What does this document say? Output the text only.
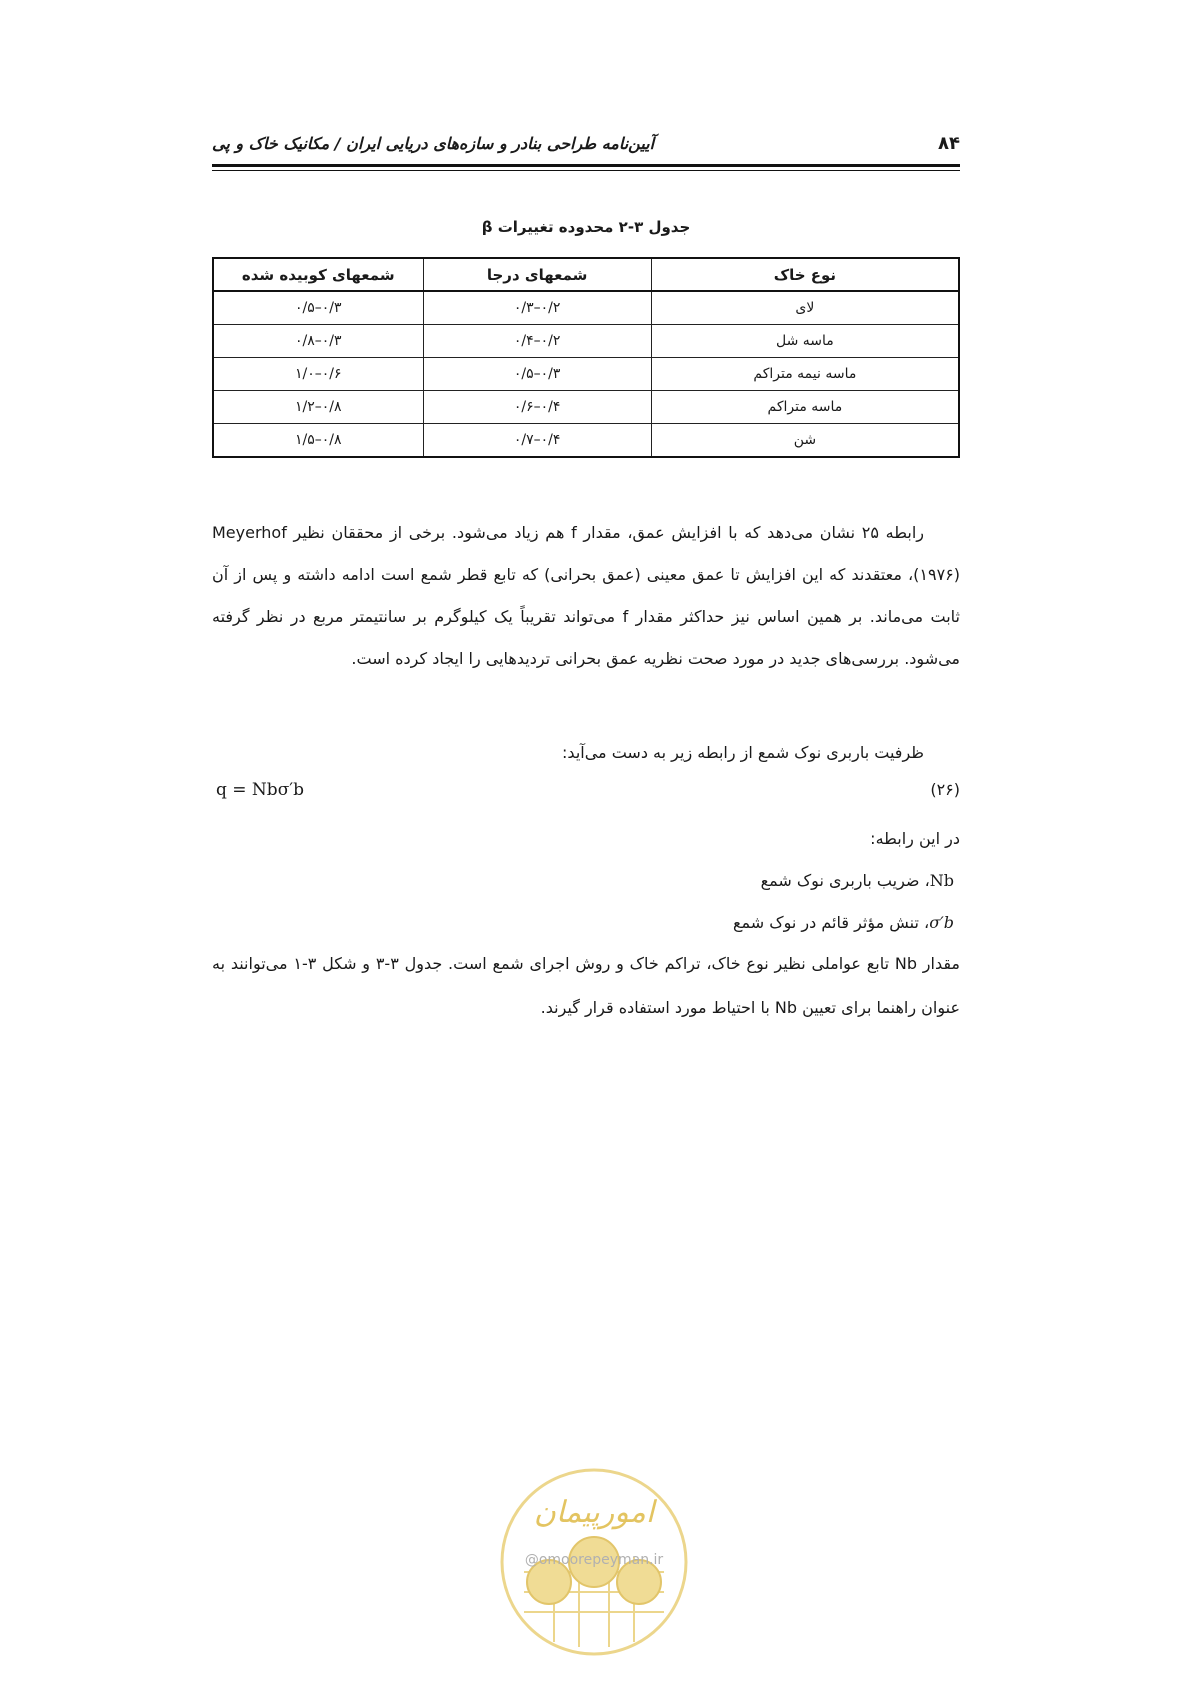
۸۴
آیین‌نامه طراحی بنادر و سازه‌های دریایی ایران / مکانیک خاک و پی
جدول ۳-۲ محدوده تغییرات β
نوع خاک	شمعهای درجا	شمعهای کوبیده شده
لای	۰/۲–۰/۳	۰/۳–۰/۵
ماسه شل	۰/۲–۰/۴	۰/۳–۰/۸
ماسه نیمه متراکم	۰/۳–۰/۵	۰/۶–۱/۰
ماسه متراکم	۰/۴–۰/۶	۰/۸–۱/۲
شن	۰/۴–۰/۷	۰/۸–۱/۵
رابطه ۲۵ نشان می‌دهد که با افزایش عمق، مقدار f هم زیاد می‌شود. برخی از محققان نظیر Meyerhof (۱۹۷۶)، معتقدند که این افزایش تا عمق معینی (عمق بحرانی) که تابع قطر شمع است ادامه داشته و پس از آن ثابت می‌ماند. بر همین اساس نیز حداکثر مقدار f می‌تواند تقریباً یک کیلوگرم بر سانتیمتر مربع در نظر گرفته می‌شود. بررسی‌های جدید در مورد صحت نظریه عمق بحرانی تردیدهایی را ایجاد کرده است.
ظرفیت باربری نوک شمع از رابطه زیر به دست می‌آید:
q = Nbσ′b	(۲۶)
در این رابطه:
Nb، ضریب باربری نوک شمع
σ′b، تنش مؤثر قائم در نوک شمع
مقدار Nb تابع عواملی نظیر نوع خاک، تراکم خاک و روش اجرای شمع است. جدول ۳-۳ و شکل ۳-۱ می‌توانند به عنوان راهنما برای تعیین Nb با احتیاط مورد استفاده قرار گیرند.
امورپیمان
@omoorepeyman.ir
